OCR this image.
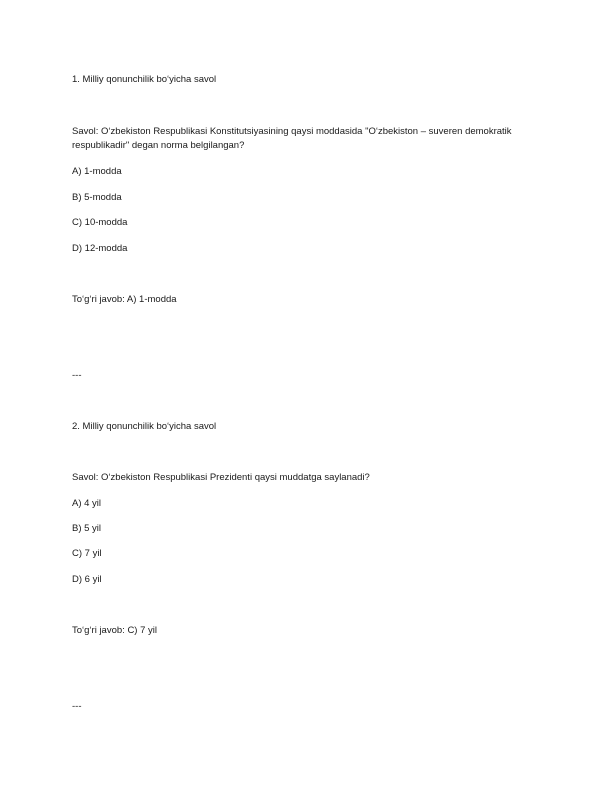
1. Milliy qonunchilik bo‘yicha savol
Savol: O‘zbekiston Respublikasi Konstitutsiyasining qaysi moddasida "O‘zbekiston – suveren demokratik
respublikadir" degan norma belgilangan?
A) 1-modda
B) 5-modda
C) 10-modda
D) 12-modda
To‘g‘ri javob: A) 1-modda
---
2. Milliy qonunchilik bo‘yicha savol
Savol: O‘zbekiston Respublikasi Prezidenti qaysi muddatga saylanadi?
A) 4 yil
B) 5 yil
C) 7 yil
D) 6 yil
To‘g‘ri javob: C) 7 yil
---
